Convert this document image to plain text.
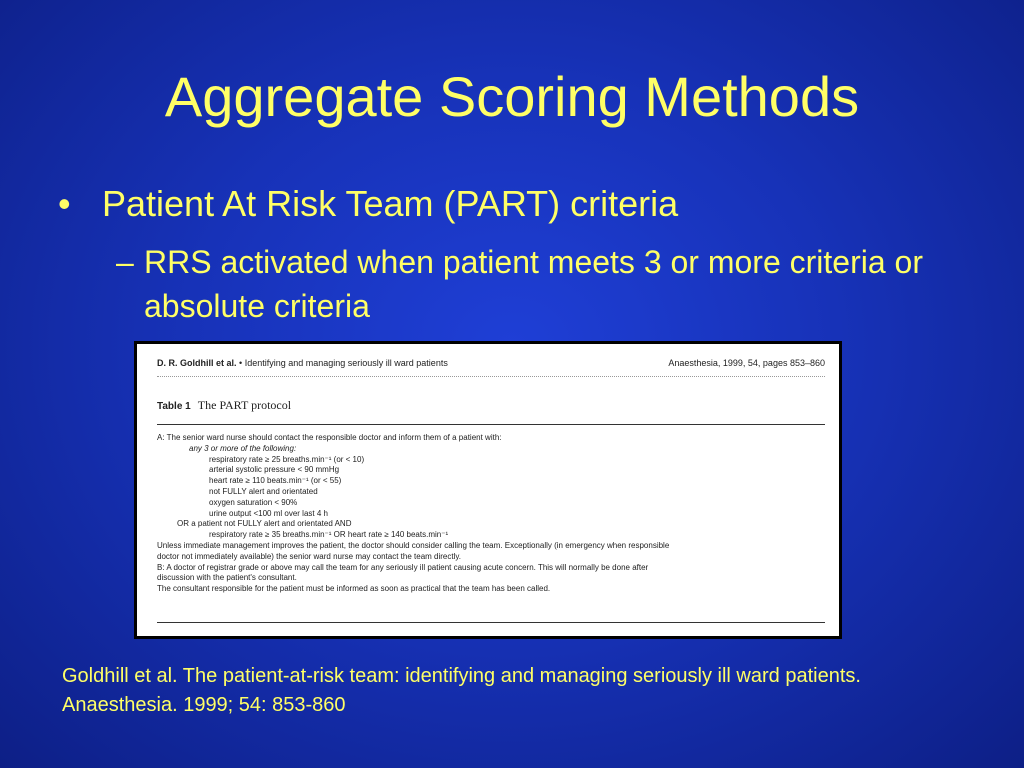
Aggregate Scoring Methods
• Patient At Risk Team (PART) criteria
– RRS activated when patient meets 3 or more criteria or absolute criteria
D. R. Goldhill et al. • Identifying and managing seriously ill ward patients	Anaesthesia, 1999, 54, pages 853–860
Table 1 The PART protocol
A: The senior ward nurse should contact the responsible doctor and inform them of a patient with:
any 3 or more of the following:
respiratory rate ≥ 25 breaths.min⁻¹ (or < 10)
arterial systolic pressure < 90 mmHg
heart rate ≥ 110 beats.min⁻¹ (or < 55)
not FULLY alert and orientated
oxygen saturation < 90%
urine output <100 ml over last 4 h
OR a patient not FULLY alert and orientated AND
respiratory rate ≥ 35 breaths.min⁻¹ OR heart rate ≥ 140 beats.min⁻¹
Unless immediate management improves the patient, the doctor should consider calling the team. Exceptionally (in emergency when responsible
doctor not immediately available) the senior ward nurse may contact the team directly.
B: A doctor of registrar grade or above may call the team for any seriously ill patient causing acute concern. This will normally be done after
discussion with the patient's consultant.
The consultant responsible for the patient must be informed as soon as practical that the team has been called.
Goldhill et al. The patient-at-risk team: identifying and managing seriously ill ward patients. Anaesthesia. 1999; 54: 853-860
